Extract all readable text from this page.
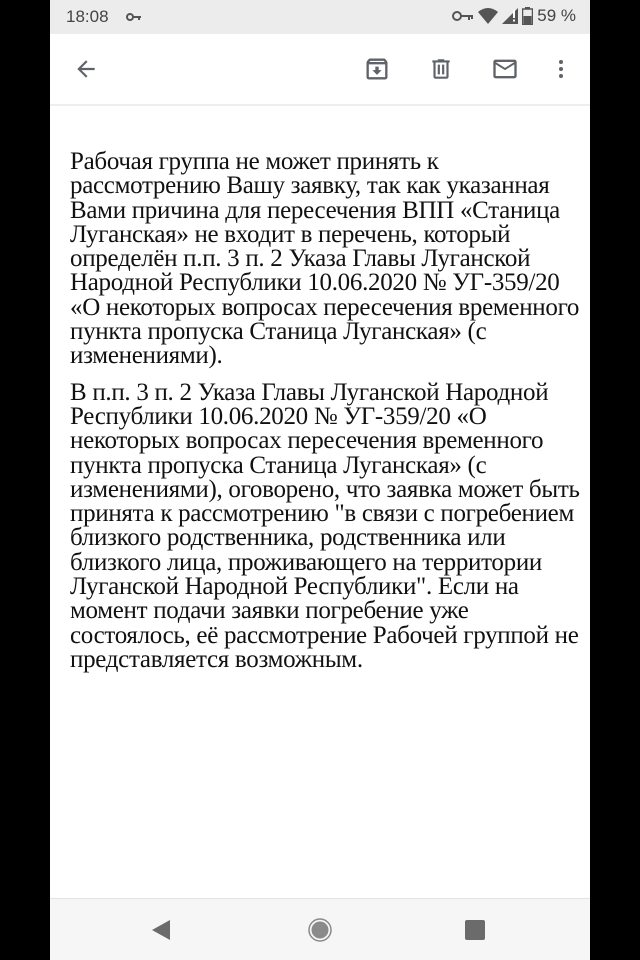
18:08	59 %

Рабочая группа не может принять к рассмотрению Вашу заявку, так как указанная Вами причина для пересечения ВПП «Станица Луганская» не входит в перечень, который определён п.п. 3 п. 2 Указа Главы Луганской Народной Республики 10.06.2020 № УГ-359/20 «О некоторых вопросах пересечения временного пункта пропуска Станица Луганская» (с изменениями).

В п.п. 3 п. 2 Указа Главы Луганской Народной Республики 10.06.2020 № УГ-359/20 «О некоторых вопросах пересечения временного пункта пропуска Станица Луганская» (с изменениями), оговорено, что заявка может быть принята к рассмотрению "в связи с погребением близкого родственника, родственника или близкого лица, проживающего на территории Луганской Народной Республики". Если на момент подачи заявки погребение уже состоялось, её рассмотрение Рабочей группой не представляется возможным.
